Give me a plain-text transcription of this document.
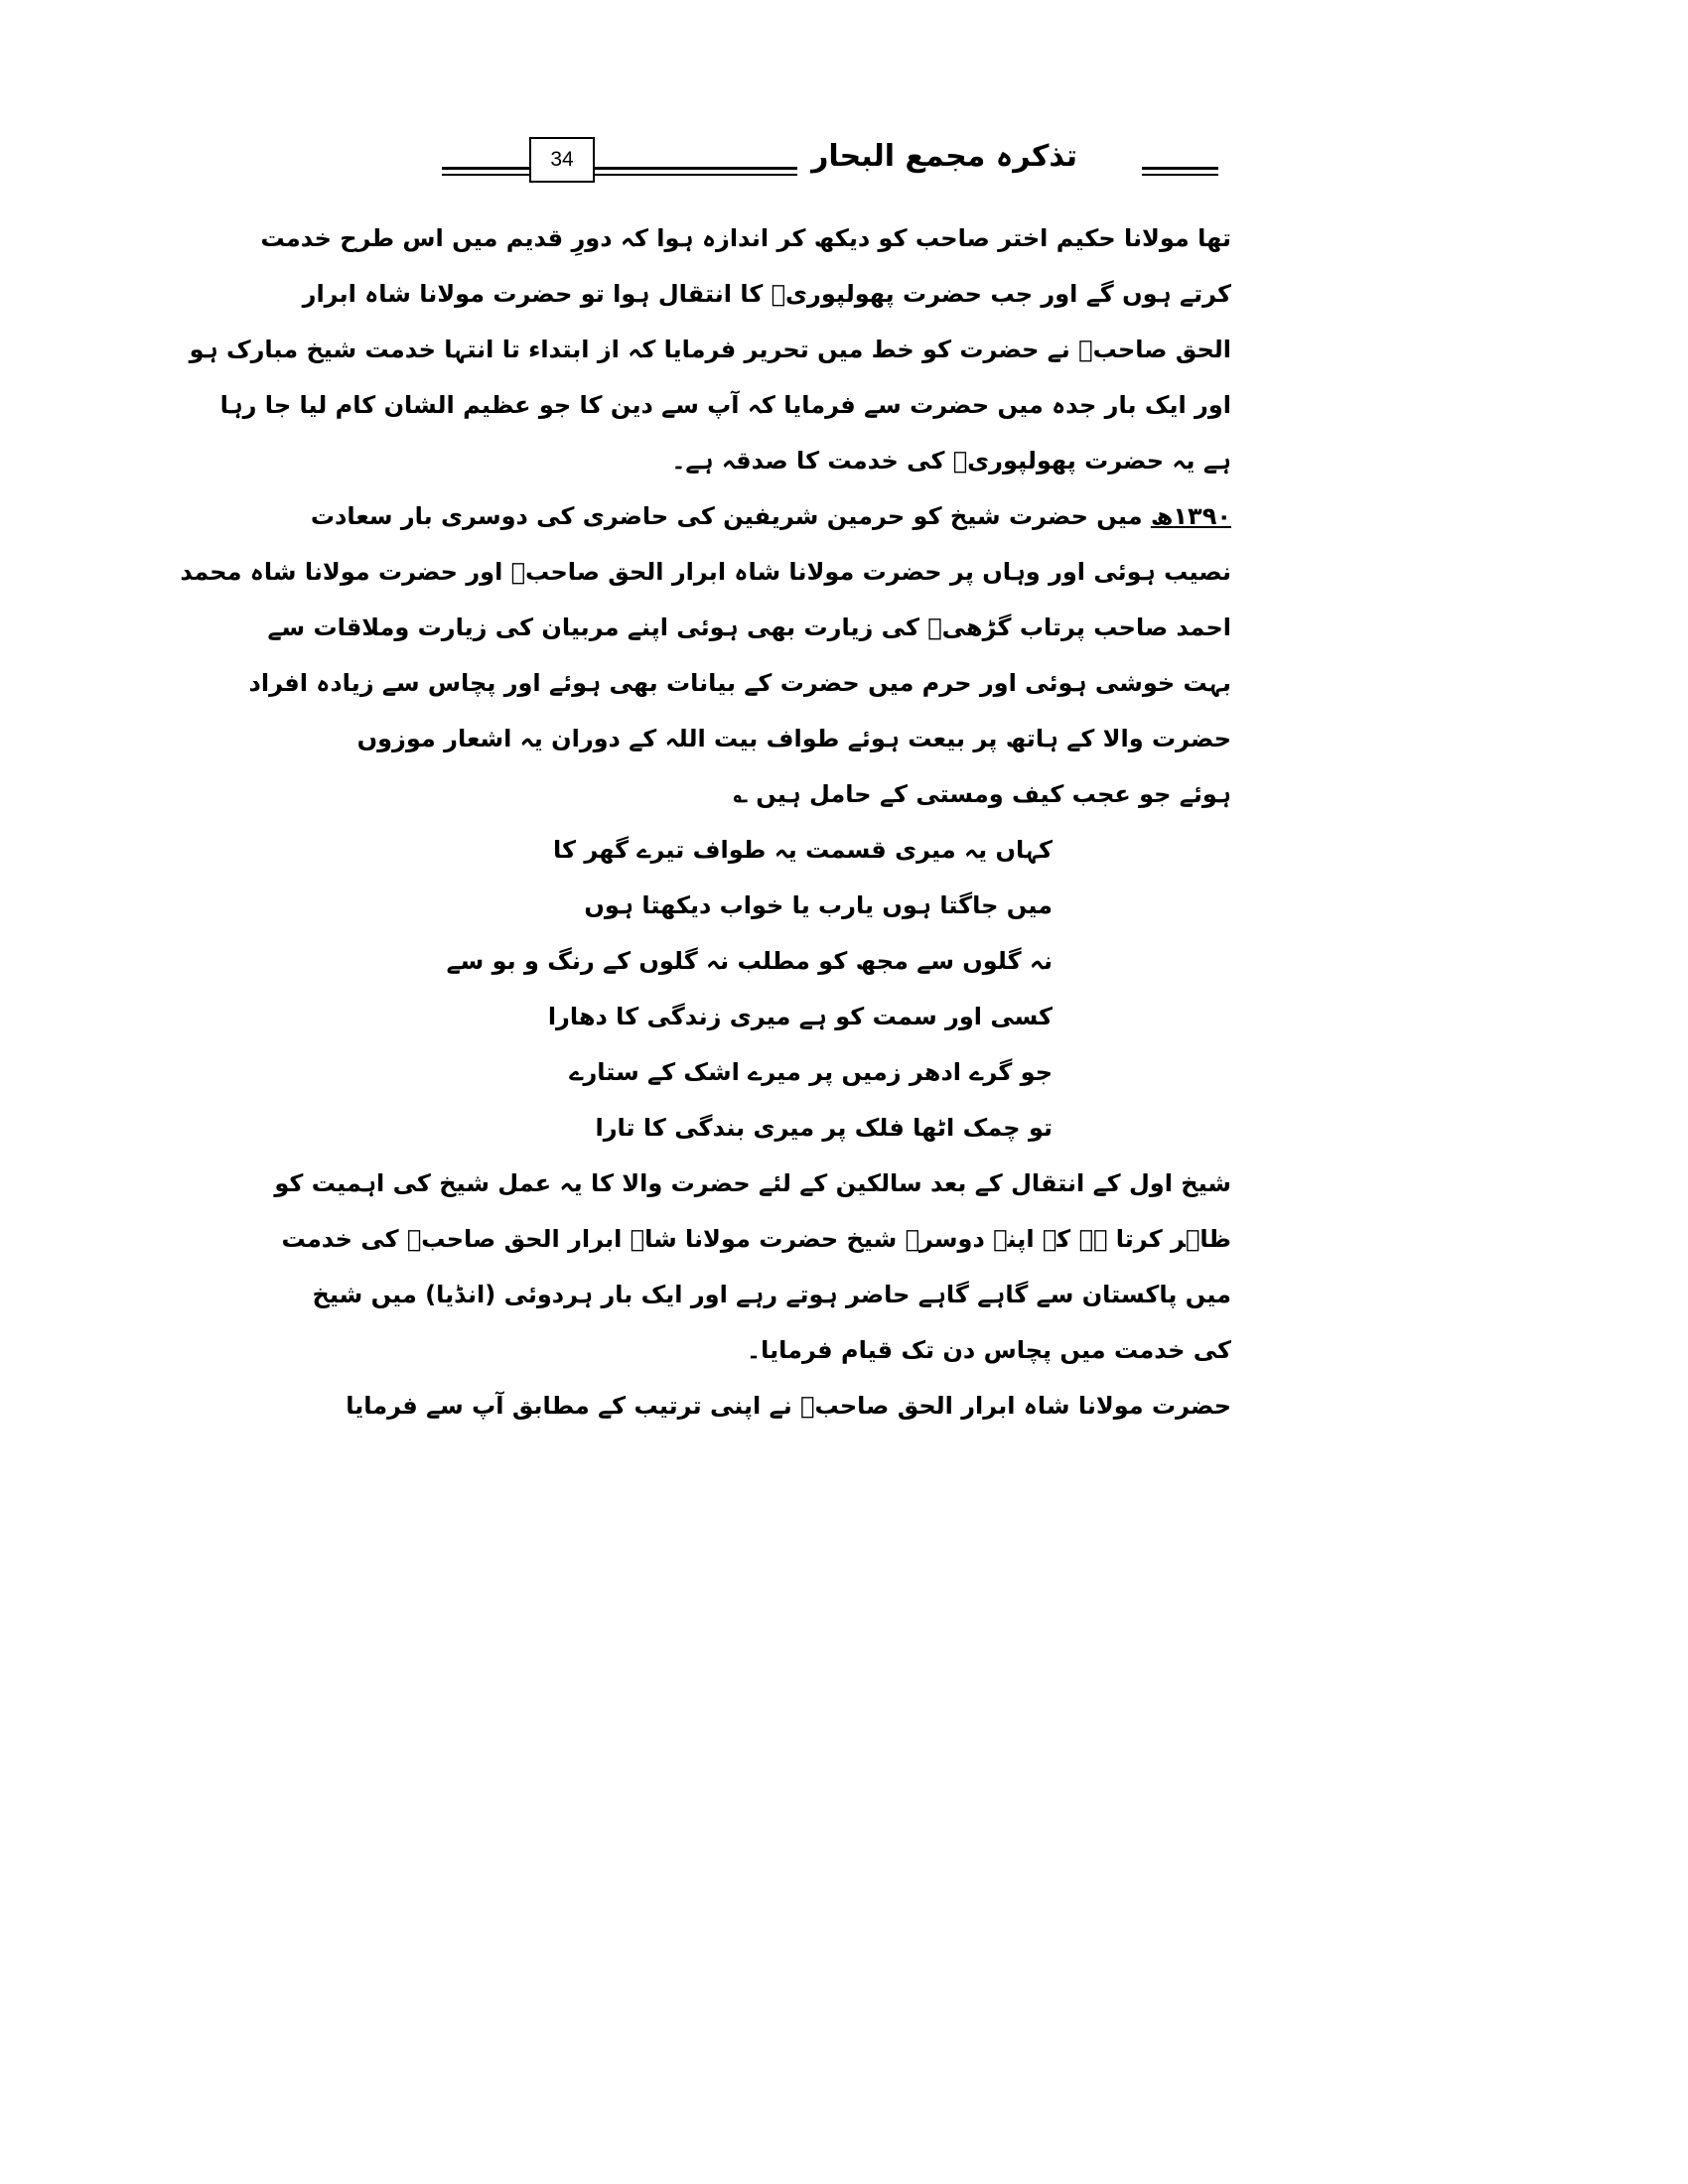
34	تذکرہ مجمع البحار
تھا مولانا حکیم اختر صاحب کو دیکھ کر اندازہ ہوا کہ دورِ قدیم میں اس طرح خدمت
کرتے ہوں گے اور جب حضرت پھولپوریؒ کا انتقال ہوا تو حضرت مولانا شاہ ابرار
الحق صاحبؒ نے حضرت کو خط میں تحریر فرمایا کہ از ابتداء تا انتہا خدمت شیخ مبارک ہو
اور ایک بار جدہ میں حضرت سے فرمایا کہ آپ سے دین کا جو عظیم الشان کام لیا جا رہا
ہے یہ حضرت پھولپوریؒ کی خدمت کا صدقہ ہے۔
۱۳۹۰ھ میں حضرت شیخ کو حرمین شریفین کی حاضری کی دوسری بار سعادت
نصیب ہوئی اور وہاں پر حضرت مولانا شاہ ابرار الحق صاحبؒ اور حضرت مولانا شاہ محمد
احمد صاحب پرتاب گڑھیؒ کی زیارت بھی ہوئی اپنے مربیان کی زیارت وملاقات سے
بہت خوشی ہوئی اور حرم میں حضرت کے بیانات بھی ہوئے اور پچاس سے زیادہ افراد
حضرت والا کے ہاتھ پر بیعت ہوئے طواف بیت اللہ کے دوران یہ اشعار موزوں
ہوئے جو عجب کیف ومستی کے حامل ہیں ؎
کہاں یہ میری قسمت یہ طواف تیرے گھر کا
میں جاگتا ہوں یارب یا خواب دیکھتا ہوں
نہ گلوں سے مجھ کو مطلب نہ گلوں کے رنگ و بو سے
کسی اور سمت کو ہے میری زندگی کا دھارا
جو گرے ادھر زمیں پر میرے اشک کے ستارے
تو چمک اٹھا فلک پر میری بندگی کا تارا
شیخ اول کے انتقال کے بعد سالکین کے لئے حضرت والا کا یہ عمل شیخ کی اہمیت کو
ظاہر کرتا ہے کہ اپنے دوسرے شیخ حضرت مولانا شاہ ابرار الحق صاحبؒ کی خدمت
میں پاکستان سے گاہے گاہے حاضر ہوتے رہے اور ایک بار ہردوئی (انڈیا) میں شیخ
کی خدمت میں پچاس دن تک قیام فرمایا۔
حضرت مولانا شاہ ابرار الحق صاحبؒ نے اپنی ترتیب کے مطابق آپ سے فرمایا
